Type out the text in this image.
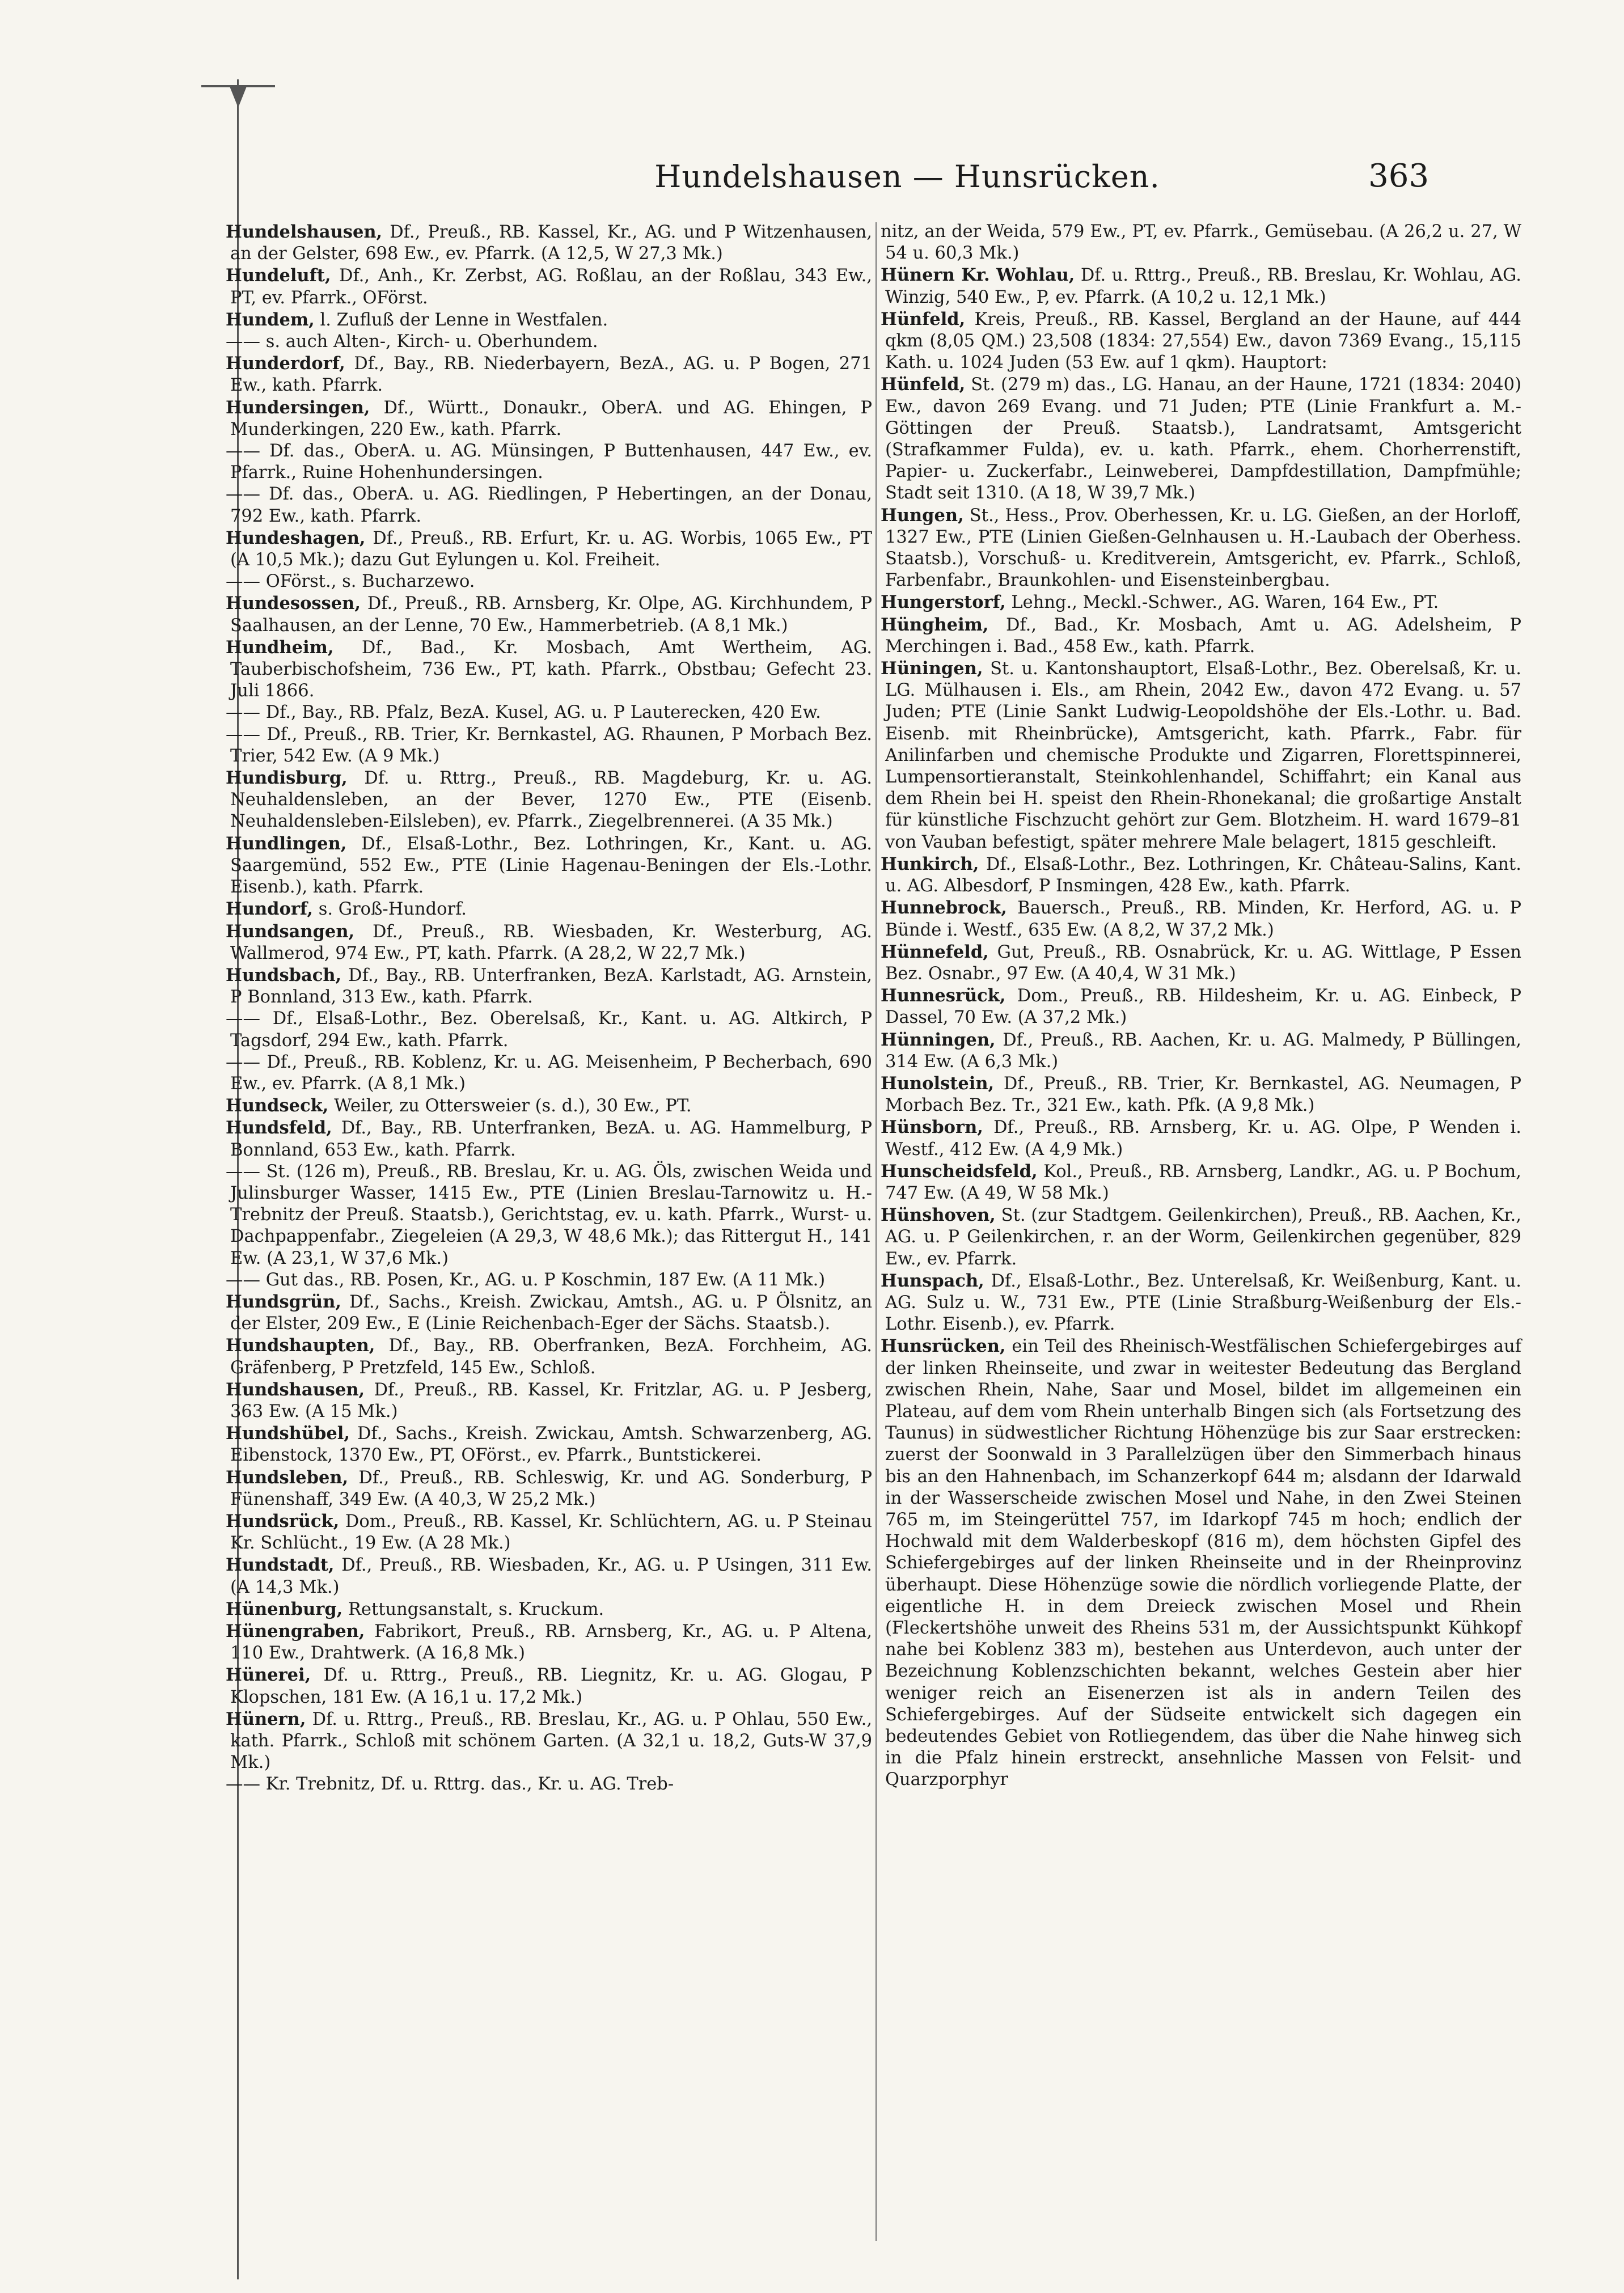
Hundelshausen — Hunsrücken.	363

Hundelshausen, Df., Preuß., RB. Kassel, Kr., AG. und P Witzenhausen, an der Gelster, 698 Ew., ev. Pfarrk. (A 12,5, W 27,3 Mk.)

Hundeluft, Df., Anh., Kr. Zerbst, AG. Roßlau, an der Roßlau, 343 Ew., PT, ev. Pfarrk., OFörst.

Hundem, l. Zufluß der Lenne in Westfalen.

—— s. auch Alten-, Kirch- u. Oberhundem.

Hunderdorf, Df., Bay., RB. Niederbayern, BezA., AG. u. P Bogen, 271 Ew., kath. Pfarrk.

Hundersingen, Df., Württ., Donaukr., OberA. und AG. Ehingen, P Munderkingen, 220 Ew., kath. Pfarrk.

—— Df. das., OberA. u. AG. Münsingen, P Buttenhausen, 447 Ew., ev. Pfarrk., Ruine Hohenhundersingen.

—— Df. das., OberA. u. AG. Riedlingen, P Hebertingen, an der Donau, 792 Ew., kath. Pfarrk.

Hundeshagen, Df., Preuß., RB. Erfurt, Kr. u. AG. Worbis, 1065 Ew., PT (A 10,5 Mk.); dazu Gut Eylungen u. Kol. Freiheit.

—— OFörst., s. Bucharzewo.

Hundesossen, Df., Preuß., RB. Arnsberg, Kr. Olpe, AG. Kirchhundem, P Saalhausen, an der Lenne, 70 Ew., Hammerbetrieb. (A 8,1 Mk.)

Hundheim, Df., Bad., Kr. Mosbach, Amt Wertheim, AG. Tauberbischofsheim, 736 Ew., PT, kath. Pfarrk., Obstbau; Gefecht 23. Juli 1866.

—— Df., Bay., RB. Pfalz, BezA. Kusel, AG. u. P Lauterecken, 420 Ew.

—— Df., Preuß., RB. Trier, Kr. Bernkastel, AG. Rhaunen, P Morbach Bez. Trier, 542 Ew. (A 9 Mk.)

Hundisburg, Df. u. Rttrg., Preuß., RB. Magdeburg, Kr. u. AG. Neuhaldensleben, an der Bever, 1270 Ew., PTE (Eisenb. Neuhaldensleben-Eilsleben), ev. Pfarrk., Ziegelbrennerei. (A 35 Mk.)

Hundlingen, Df., Elsaß-Lothr., Bez. Lothringen, Kr., Kant. u. AG. Saargemünd, 552 Ew., PTE (Linie Hagenau-Beningen der Els.-Lothr. Eisenb.), kath. Pfarrk.

Hundorf, s. Groß-Hundorf.

Hundsangen, Df., Preuß., RB. Wiesbaden, Kr. Westerburg, AG. Wallmerod, 974 Ew., PT, kath. Pfarrk. (A 28,2, W 22,7 Mk.)

Hundsbach, Df., Bay., RB. Unterfranken, BezA. Karlstadt, AG. Arnstein, P Bonnland, 313 Ew., kath. Pfarrk.

—— Df., Elsaß-Lothr., Bez. Oberelsaß, Kr., Kant. u. AG. Altkirch, P Tagsdorf, 294 Ew., kath. Pfarrk.

—— Df., Preuß., RB. Koblenz, Kr. u. AG. Meisenheim, P Becherbach, 690 Ew., ev. Pfarrk. (A 8,1 Mk.)

Hundseck, Weiler, zu Ottersweier (s. d.), 30 Ew., PT.

Hundsfeld, Df., Bay., RB. Unterfranken, BezA. u. AG. Hammelburg, P Bonnland, 653 Ew., kath. Pfarrk.

—— St. (126 m), Preuß., RB. Breslau, Kr. u. AG. Öls, zwischen Weida und Julinsburger Wasser, 1415 Ew., PTE (Linien Breslau-Tarnowitz u. H.-Trebnitz der Preuß. Staatsb.), Gerichtstag, ev. u. kath. Pfarrk., Wurst- u. Dachpappenfabr., Ziegeleien (A 29,3, W 48,6 Mk.); das Rittergut H., 141 Ew. (A 23,1, W 37,6 Mk.)

—— Gut das., RB. Posen, Kr., AG. u. P Koschmin, 187 Ew. (A 11 Mk.)

Hundsgrün, Df., Sachs., Kreish. Zwickau, Amtsh., AG. u. P Ölsnitz, an der Elster, 209 Ew., E (Linie Reichenbach-Eger der Sächs. Staatsb.).

Hundshaupten, Df., Bay., RB. Oberfranken, BezA. Forchheim, AG. Gräfenberg, P Pretzfeld, 145 Ew., Schloß.

Hundshausen, Df., Preuß., RB. Kassel, Kr. Fritzlar, AG. u. P Jesberg, 363 Ew. (A 15 Mk.)

Hundshübel, Df., Sachs., Kreish. Zwickau, Amtsh. Schwarzenberg, AG. Eibenstock, 1370 Ew., PT, OFörst., ev. Pfarrk., Buntstickerei.

Hundsleben, Df., Preuß., RB. Schleswig, Kr. und AG. Sonderburg, P Fünenshaff, 349 Ew. (A 40,3, W 25,2 Mk.)

Hundsrück, Dom., Preuß., RB. Kassel, Kr. Schlüchtern, AG. u. P Steinau Kr. Schlücht., 19 Ew. (A 28 Mk.)

Hundstadt, Df., Preuß., RB. Wiesbaden, Kr., AG. u. P Usingen, 311 Ew. (A 14,3 Mk.)

Hünenburg, Rettungsanstalt, s. Kruckum.

Hünengraben, Fabrikort, Preuß., RB. Arnsberg, Kr., AG. u. P Altena, 110 Ew., Drahtwerk. (A 16,8 Mk.)

Hünerei, Df. u. Rttrg., Preuß., RB. Liegnitz, Kr. u. AG. Glogau, P Klopschen, 181 Ew. (A 16,1 u. 17,2 Mk.)

Hünern, Df. u. Rttrg., Preuß., RB. Breslau, Kr., AG. u. P Ohlau, 550 Ew., kath. Pfarrk., Schloß mit schönem Garten. (A 32,1 u. 18,2, Guts-W 37,9 Mk.)

—— Kr. Trebnitz, Df. u. Rttrg. das., Kr. u. AG. Treb-

nitz, an der Weida, 579 Ew., PT, ev. Pfarrk., Gemüsebau. (A 26,2 u. 27, W 54 u. 60,3 Mk.)

Hünern Kr. Wohlau, Df. u. Rttrg., Preuß., RB. Breslau, Kr. Wohlau, AG. Winzig, 540 Ew., P, ev. Pfarrk. (A 10,2 u. 12,1 Mk.)

Hünfeld, Kreis, Preuß., RB. Kassel, Bergland an der Haune, auf 444 qkm (8,05 QM.) 23,508 (1834: 27,554) Ew., davon 7369 Evang., 15,115 Kath. u. 1024 Juden (53 Ew. auf 1 qkm). Hauptort:

Hünfeld, St. (279 m) das., LG. Hanau, an der Haune, 1721 (1834: 2040) Ew., davon 269 Evang. und 71 Juden; PTE (Linie Frankfurt a. M.-Göttingen der Preuß. Staatsb.), Landratsamt, Amtsgericht (Strafkammer Fulda), ev. u. kath. Pfarrk., ehem. Chorherrenstift, Papier- u. Zuckerfabr., Leinweberei, Dampfdestillation, Dampfmühle; Stadt seit 1310. (A 18, W 39,7 Mk.)

Hungen, St., Hess., Prov. Oberhessen, Kr. u. LG. Gießen, an der Horloff, 1327 Ew., PTE (Linien Gießen-Gelnhausen u. H.-Laubach der Oberhess. Staatsb.), Vorschuß- u. Kreditverein, Amtsgericht, ev. Pfarrk., Schloß, Farbenfabr., Braunkohlen- und Eisensteinbergbau.

Hungerstorf, Lehng., Meckl.-Schwer., AG. Waren, 164 Ew., PT.

Hüngheim, Df., Bad., Kr. Mosbach, Amt u. AG. Adelsheim, P Merchingen i. Bad., 458 Ew., kath. Pfarrk.

Hüningen, St. u. Kantonshauptort, Elsaß-Lothr., Bez. Oberelsaß, Kr. u. LG. Mülhausen i. Els., am Rhein, 2042 Ew., davon 472 Evang. u. 57 Juden; PTE (Linie Sankt Ludwig-Leopoldshöhe der Els.-Lothr. u. Bad. Eisenb. mit Rheinbrücke), Amtsgericht, kath. Pfarrk., Fabr. für Anilinfarben und chemische Produkte und Zigarren, Florettspinnerei, Lumpensortieranstalt, Steinkohlenhandel, Schiffahrt; ein Kanal aus dem Rhein bei H. speist den Rhein-Rhonekanal; die großartige Anstalt für künstliche Fischzucht gehört zur Gem. Blotzheim. H. ward 1679–81 von Vauban befestigt, später mehrere Male belagert, 1815 geschleift.

Hunkirch, Df., Elsaß-Lothr., Bez. Lothringen, Kr. Château-Salins, Kant. u. AG. Albesdorf, P Insmingen, 428 Ew., kath. Pfarrk.

Hunnebrock, Bauersch., Preuß., RB. Minden, Kr. Herford, AG. u. P Bünde i. Westf., 635 Ew. (A 8,2, W 37,2 Mk.)

Hünnefeld, Gut, Preuß., RB. Osnabrück, Kr. u. AG. Wittlage, P Essen Bez. Osnabr., 97 Ew. (A 40,4, W 31 Mk.)

Hunnesrück, Dom., Preuß., RB. Hildesheim, Kr. u. AG. Einbeck, P Dassel, 70 Ew. (A 37,2 Mk.)

Hünningen, Df., Preuß., RB. Aachen, Kr. u. AG. Malmedy, P Büllingen, 314 Ew. (A 6,3 Mk.)

Hunolstein, Df., Preuß., RB. Trier, Kr. Bernkastel, AG. Neumagen, P Morbach Bez. Tr., 321 Ew., kath. Pfk. (A 9,8 Mk.)

Hünsborn, Df., Preuß., RB. Arnsberg, Kr. u. AG. Olpe, P Wenden i. Westf., 412 Ew. (A 4,9 Mk.)

Hunscheidsfeld, Kol., Preuß., RB. Arnsberg, Landkr., AG. u. P Bochum, 747 Ew. (A 49, W 58 Mk.)

Hünshoven, St. (zur Stadtgem. Geilenkirchen), Preuß., RB. Aachen, Kr., AG. u. P Geilenkirchen, r. an der Worm, Geilenkirchen gegenüber, 829 Ew., ev. Pfarrk.

Hunspach, Df., Elsaß-Lothr., Bez. Unterelsaß, Kr. Weißenburg, Kant. u. AG. Sulz u. W., 731 Ew., PTE (Linie Straßburg-Weißenburg der Els.-Lothr. Eisenb.), ev. Pfarrk.

Hunsrücken, ein Teil des Rheinisch-Westfälischen Schiefergebirges auf der linken Rheinseite, und zwar in weitester Bedeutung das Bergland zwischen Rhein, Nahe, Saar und Mosel, bildet im allgemeinen ein Plateau, auf dem vom Rhein unterhalb Bingen sich (als Fortsetzung des Taunus) in südwestlicher Richtung Höhenzüge bis zur Saar erstrecken: zuerst der Soonwald in 3 Parallelzügen über den Simmerbach hinaus bis an den Hahnenbach, im Schanzerkopf 644 m; alsdann der Idarwald in der Wasserscheide zwischen Mosel und Nahe, in den Zwei Steinen 765 m, im Steingerüttel 757, im Idarkopf 745 m hoch; endlich der Hochwald mit dem Walderbeskopf (816 m), dem höchsten Gipfel des Schiefergebirges auf der linken Rheinseite und in der Rheinprovinz überhaupt. Diese Höhenzüge sowie die nördlich vorliegende Platte, der eigentliche H. in dem Dreieck zwischen Mosel und Rhein (Fleckertshöhe unweit des Rheins 531 m, der Aussichtspunkt Kühkopf nahe bei Koblenz 383 m), bestehen aus Unterdevon, auch unter der Bezeichnung Koblenzschichten bekannt, welches Gestein aber hier weniger reich an Eisenerzen ist als in andern Teilen des Schiefergebirges. Auf der Südseite entwickelt sich dagegen ein bedeutendes Gebiet von Rotliegendem, das über die Nahe hinweg sich in die Pfalz hinein erstreckt, ansehnliche Massen von Felsit- und Quarzporphyr
